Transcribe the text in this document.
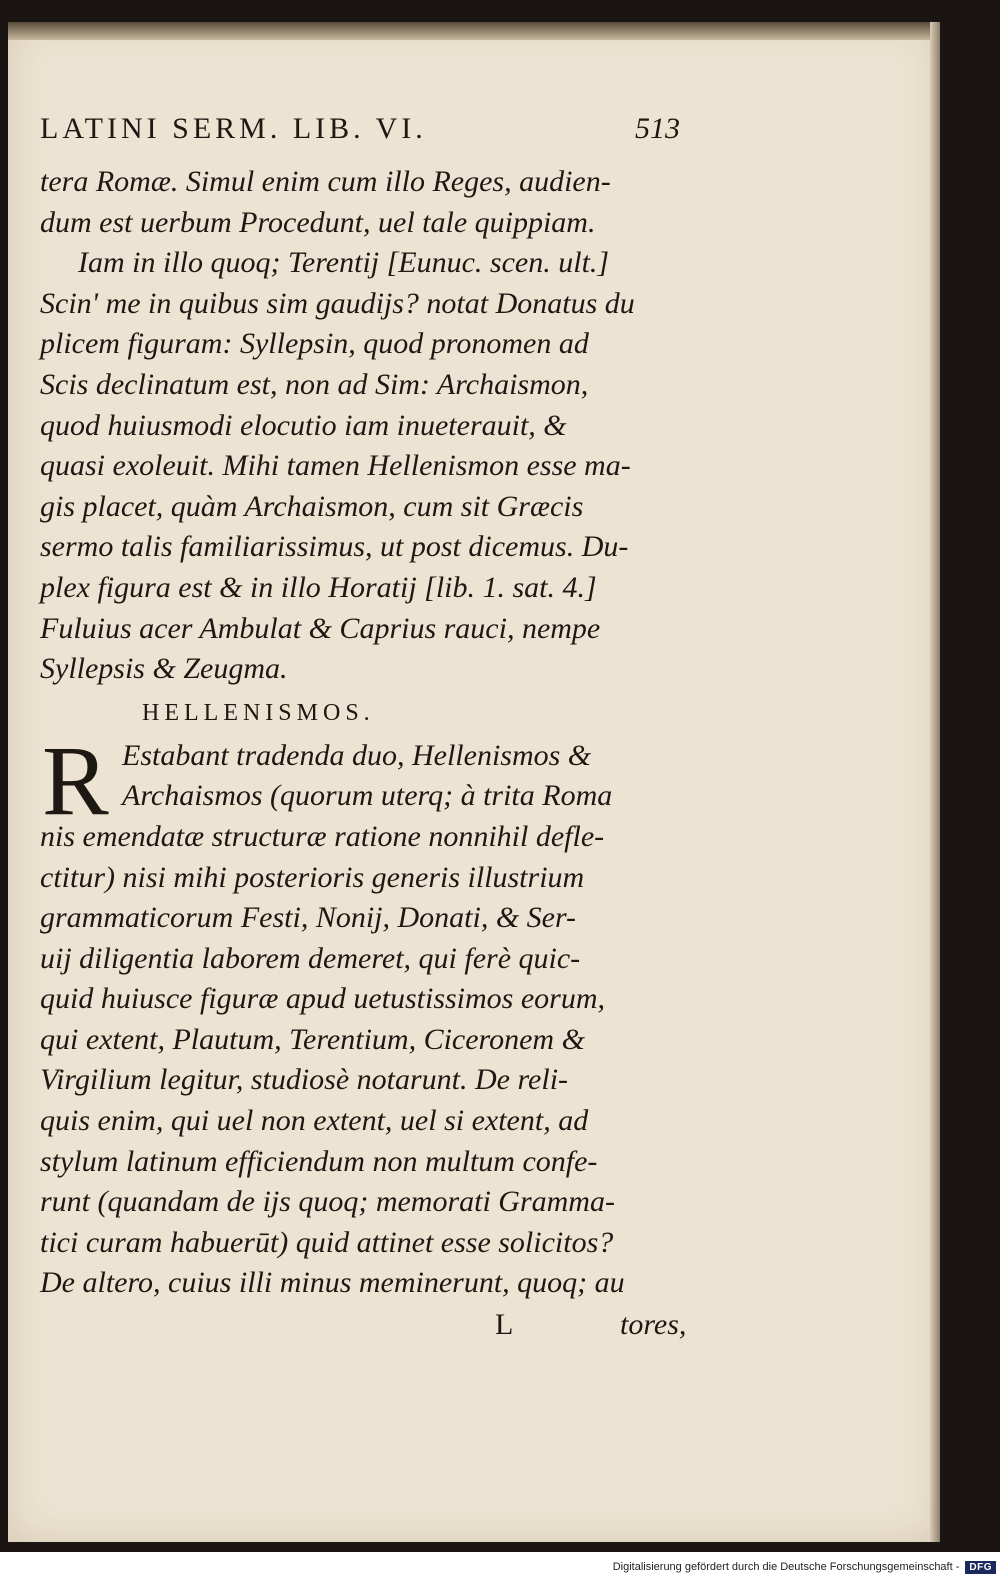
LATINI SERM. LIB. VI.	513
tera Romæ. Simul enim cum illo Reges, audien-
dum est uerbum Procedunt, uel tale quippiam.
Iam in illo quoq; Terentij [Eunuc. scen. ult.]
Scin' me in quibus sim gaudijs? notat Donatus du
plicem figuram: Syllepsin, quod pronomen ad
Scis declinatum est, non ad Sim: Archaismon,
quod huiusmodi elocutio iam inueterauit, &
quasi exoleuit. Mihi tamen Hellenismon esse ma-
gis placet, quàm Archaismon, cum sit Græcis
sermo talis familiarissimus, ut post dicemus. Du-
plex figura est & in illo Horatij [lib. 1. sat. 4.]
Fuluius acer Ambulat & Caprius rauci, nempe
Syllepsis & Zeugma.
HELLENISMOS.
R Estabant tradenda duo, Hellenismos &
Archaismos (quorum uterq; à trita Roma
nis emendatæ structuræ ratione nonnihil defle-
ctitur) nisi mihi posterioris generis illustrium
grammaticorum Festi, Nonij, Donati, & Ser-
uij diligentia laborem demeret, qui ferè quic-
quid huiusce figuræ apud uetustissimos eorum,
qui extent, Plautum, Terentium, Ciceronem &
Virgilium legitur, studiosè notarunt. De reli-
quis enim, qui uel non extent, uel si extent, ad
stylum latinum efficiendum non multum confe-
runt (quandam de ijs quoq; memorati Gramma-
tici curam habuerūt) quid attinet esse solicitos?
De altero, cuius illi minus meminerunt, quoq; au
L	tores,
Digitalisierung gefördert durch die Deutsche Forschungsgemeinschaft -	DFG
